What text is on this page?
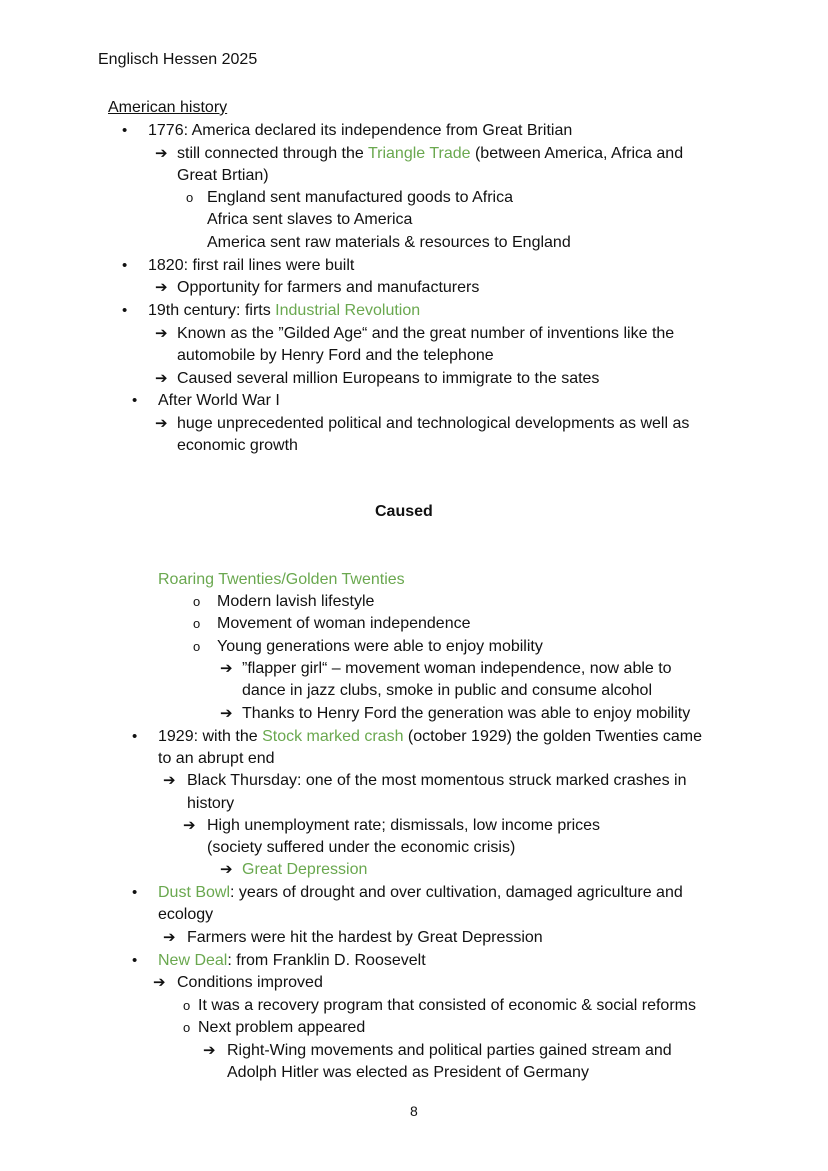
Englisch Hessen 2025
American history
Caused
8
• 1776: America declared its independence from Great Britian
➔ still connected through the Triangle Trade (between America, Africa and
Great Brtian)
o England sent manufactured goods to Africa
Africa sent slaves to America
America sent raw materials & resources to England
• 1820: first rail lines were built
➔ Opportunity for farmers and manufacturers
• 19th century: firts Industrial Revolution
➔ Known as the ”Gilded Age“ and the great number of inventions like the
automobile by Henry Ford and the telephone
➔ Caused several million Europeans to immigrate to the sates
• After World War I
➔ huge unprecedented political and technological developments as well as
economic growth
Roaring Twenties/Golden Twenties
o Modern lavish lifestyle
o Movement of woman independence
o Young generations were able to enjoy mobility
➔ ”flapper girl“ – movement woman independence, now able to
dance in jazz clubs, smoke in public and consume alcohol
➔ Thanks to Henry Ford the generation was able to enjoy mobility
• 1929: with the Stock marked crash (october 1929) the golden Twenties came
to an abrupt end
➔ Black Thursday: one of the most momentous struck marked crashes in
history
➔ High unemployment rate; dismissals, low income prices
(society suffered under the economic crisis)
➔ Great Depression
• Dust Bowl: years of drought and over cultivation, damaged agriculture and
ecology
➔ Farmers were hit the hardest by Great Depression
• New Deal: from Franklin D. Roosevelt
➔ Conditions improved
o It was a recovery program that consisted of economic & social reforms
o Next problem appeared
➔ Right-Wing movements and political parties gained stream and
Adolph Hitler was elected as President of Germany
